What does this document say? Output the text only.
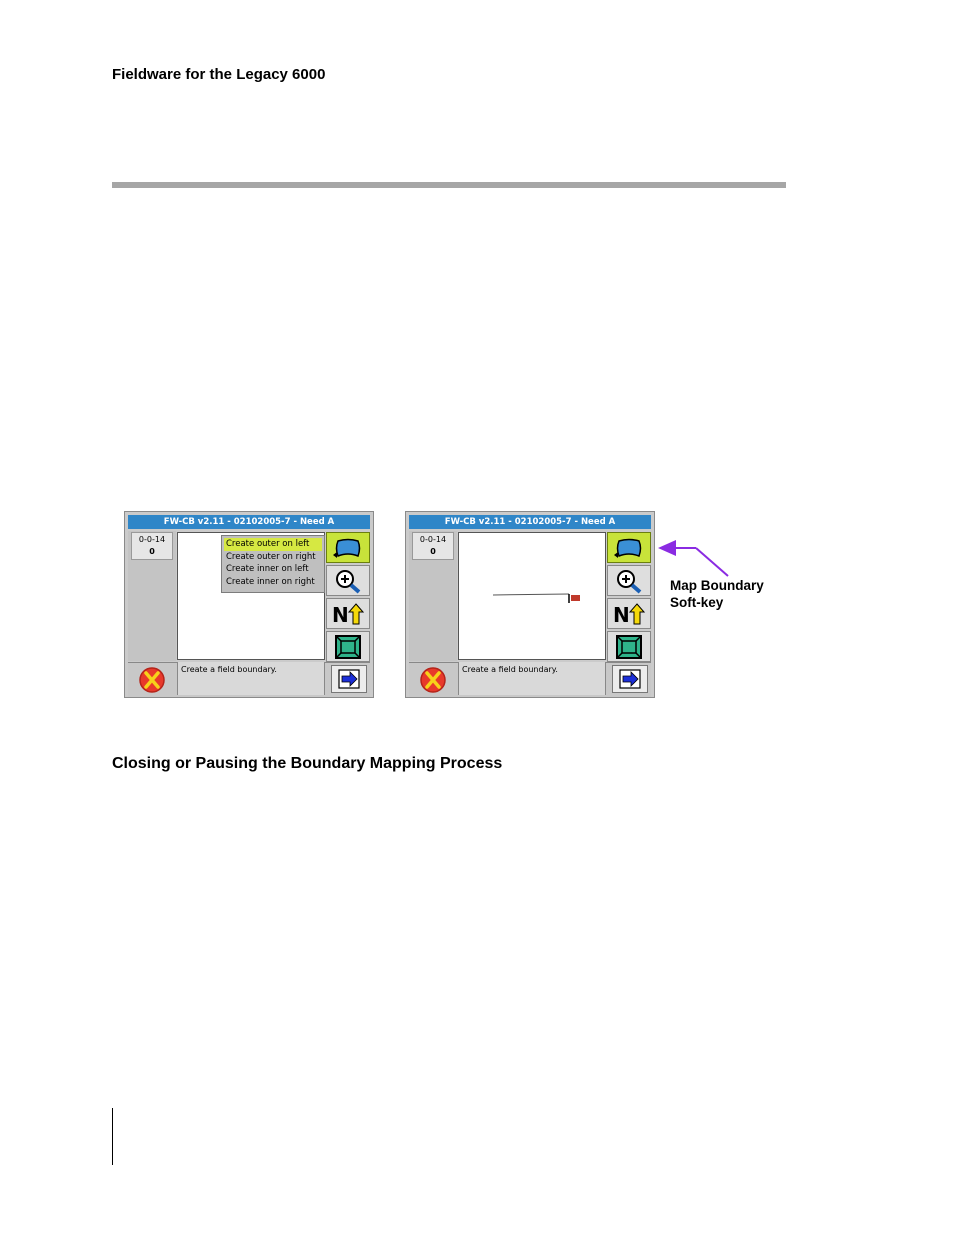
Fieldware for the Legacy 6000
FW-CB v2.11 - 02102005-7 - Need A
0-0-14
0
Create outer on left
Create outer on right
Create inner on left
Create inner on right
N
Create a field boundary.
FW-CB v2.11 - 02102005-7 - Need A
0-0-14
0
N
Create a field boundary.
Map Boundary
Soft-key
Closing or Pausing the Boundary Mapping Process
